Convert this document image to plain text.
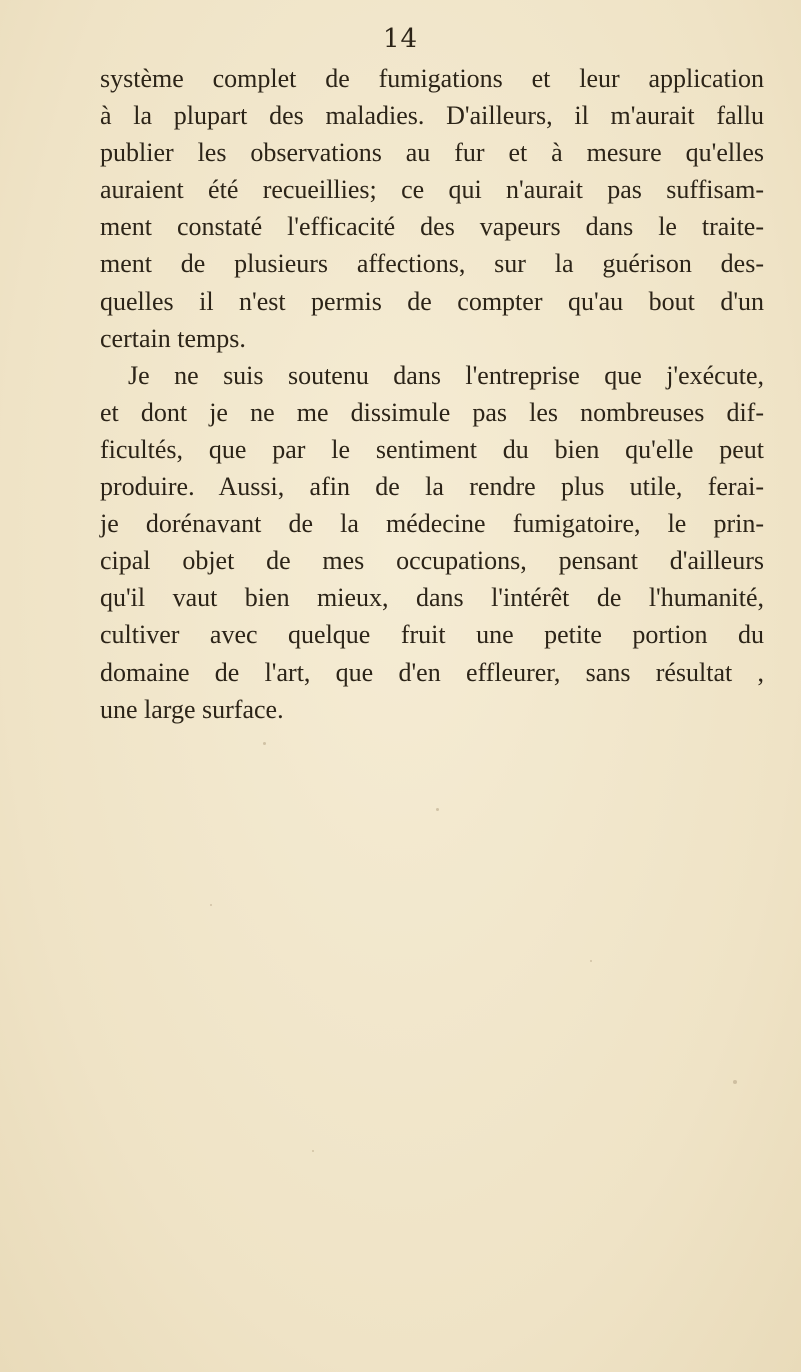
14
système complet de fumigations et leur application
à la plupart des maladies. D'ailleurs, il m'aurait fallu
publier les observations au fur et à mesure qu'elles
auraient été recueillies; ce qui n'aurait pas suffisam-
ment constaté l'efficacité des vapeurs dans le traite-
ment de plusieurs affections, sur la guérison des-
quelles il n'est permis de compter qu'au bout d'un
certain temps.
Je ne suis soutenu dans l'entreprise que j'exécute,
et dont je ne me dissimule pas les nombreuses dif-
ficultés, que par le sentiment du bien qu'elle peut
produire. Aussi, afin de la rendre plus utile, ferai-
je dorénavant de la médecine fumigatoire, le prin-
cipal objet de mes occupations, pensant d'ailleurs
qu'il vaut bien mieux, dans l'intérêt de l'humanité,
cultiver avec quelque fruit une petite portion du
domaine de l'art, que d'en effleurer, sans résultat ,
une large surface.
